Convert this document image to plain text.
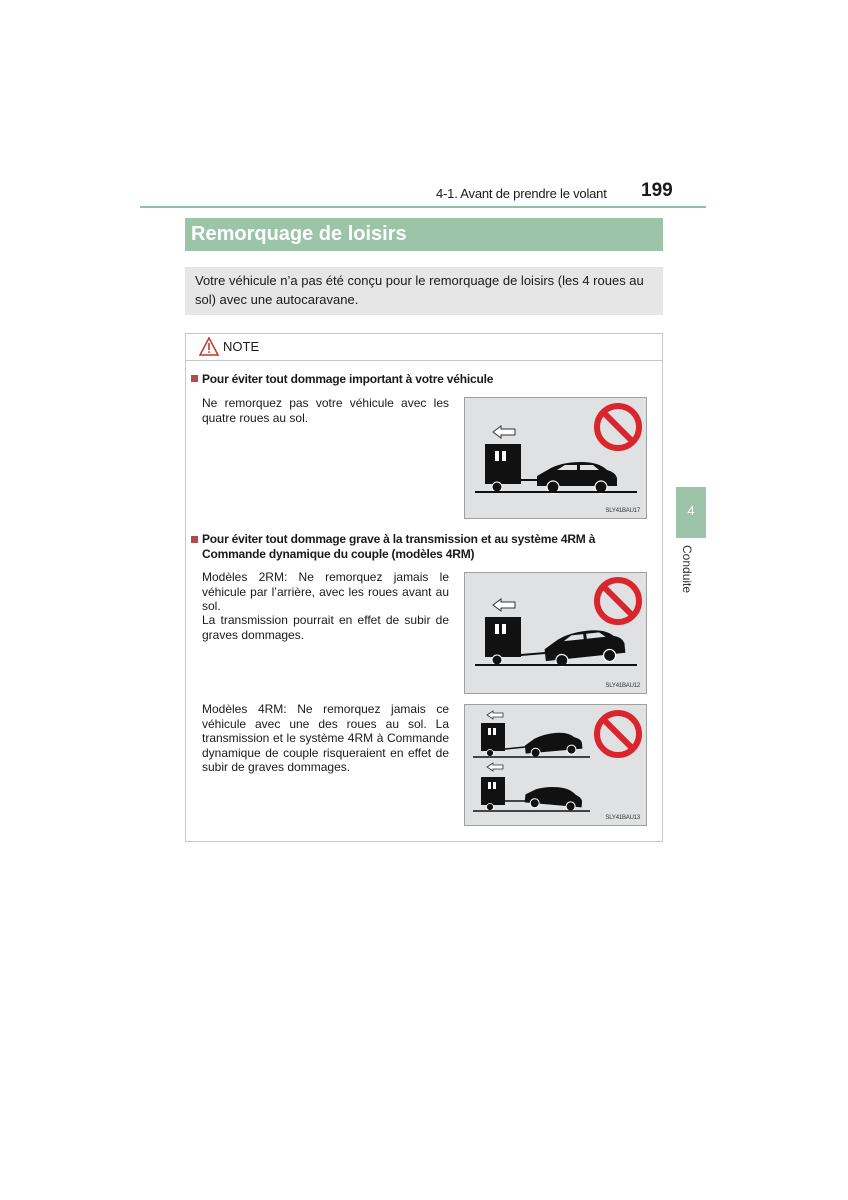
4-1. Avant de prendre le volant 199
Remorquage de loisirs
Votre véhicule n’a pas été conçu pour le remorquage de loisirs (les 4 roues au sol) avec une autocaravane.
NOTE
Pour éviter tout dommage important à votre véhicule
Ne remorquez pas votre véhicule avec les quatre roues au sol.
SLY41BAU17
Pour éviter tout dommage grave à la transmission et au système 4RM à Commande dynamique du couple (modèles 4RM)
Modèles 2RM: Ne remorquez jamais le véhicule par l’arrière, avec les roues avant au sol.
La transmission pourrait en effet de subir de graves dommages.
SLY41BAU12
Modèles 4RM: Ne remorquez jamais ce véhicule avec une des roues au sol. La transmission et le système 4RM à Commande dynamique de couple risqueraient en effet de subir de graves dommages.
SLY41BAU13
4
Conduite
